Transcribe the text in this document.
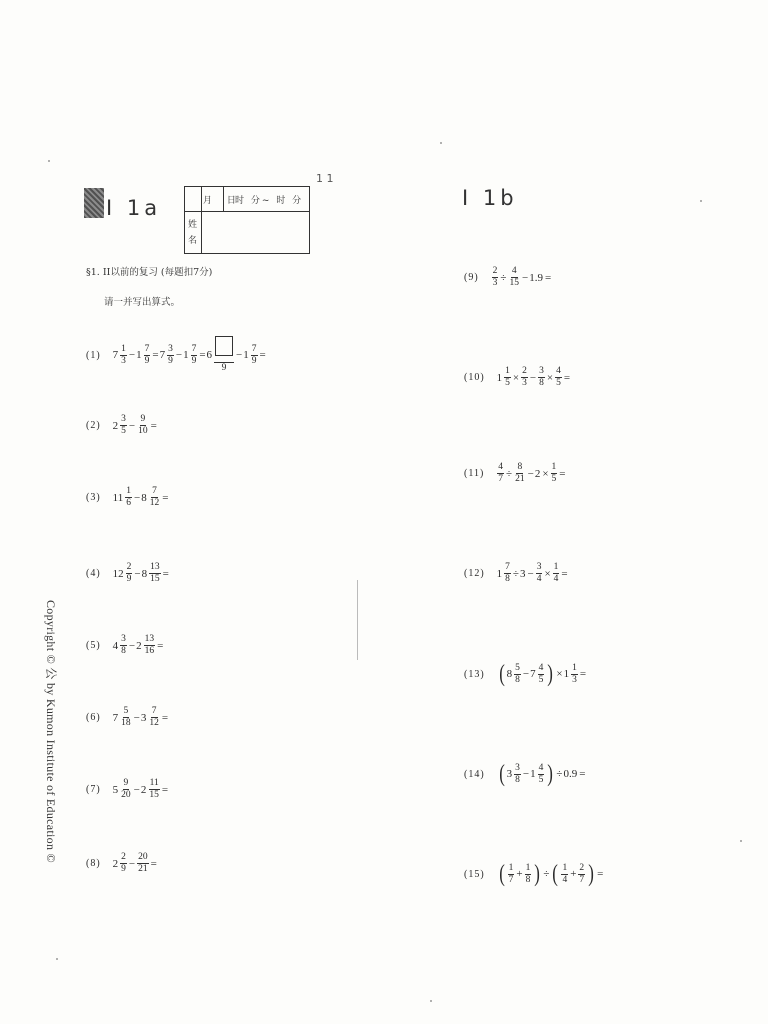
I 1a	I 1b
1 1
月 日
时 分~ 时 分
姓名
§1. II以前的复习 (每题扣7分)
请一并写出算式。
(1) $7 \frac{1}{3} - 1 \frac{7}{9} = 7 \frac{3}{9} - 1 \frac{7}{9} = 6$
9
− $1 \frac{7}{9}$ =
(2) $2 \frac{3}{5} - \frac{9}{10}$ =
(3) $11 \frac{1}{6} - 8 \frac{7}{12}$ =
(4) $12 \frac{2}{9} - 8 \frac{13}{15}$ =
(5) $4 \frac{3}{8} - 2 \frac{13}{16}$ =
(6) $7 \frac{5}{18} - 3 \frac{7}{12}$ =
(7) $5 \frac{9}{20} - 2 \frac{11}{15}$ =
(8) $2 \frac{2}{9} - \frac{20}{21}$ =
$(9) \frac{2}{3} \div \frac{4}{15} - 1.9$ =
(10) $1 \frac{1}{5} \times \frac{2}{3} - \frac{3}{8} \times \frac{4}{5}$ =
$(11) \frac{4}{7} \div \frac{8}{21} - 2 \times \frac{1}{5}$ =
(12) $1 \frac{7}{8} \div 3 - \frac{3}{4} \times \frac{1}{4}$ =
(13) ( $8 \frac{5}{8} - 7 \frac{4}{5}$ ) × $1 \frac{1}{3}$ =
(14) ( $3 \frac{3}{8} - 1 \frac{4}{5}$ ) ÷ 0.9 =
(15) ( $\frac{1}{7} + \frac{1}{8}$ ) ÷ ( $\frac{1}{4} + \frac{2}{7}$ ) =
Copyright © 公 by Kumon Institute of Education ©
